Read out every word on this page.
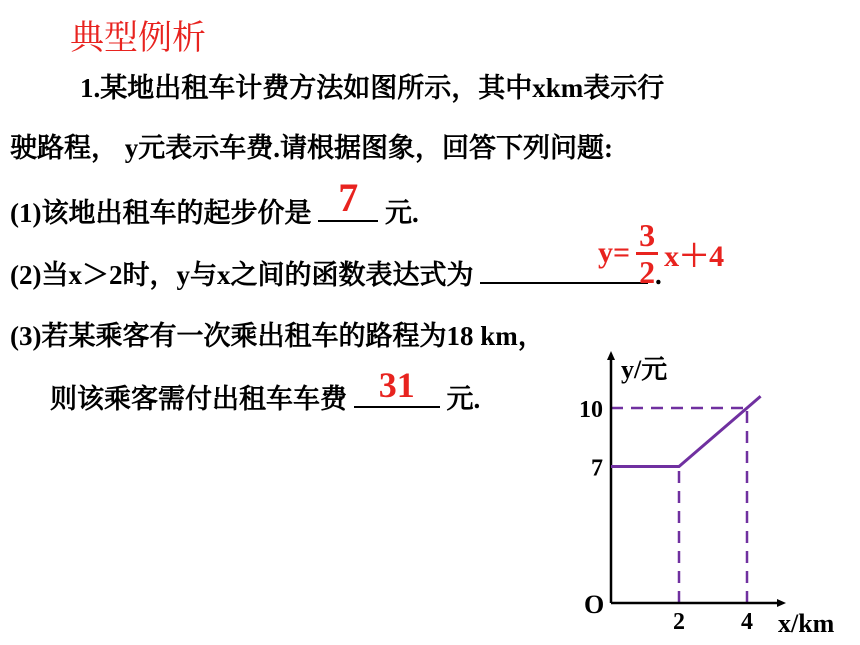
典型例析
1.某地出租车计费方法如图所示，其中xkm表示行
驶路程， y元表示车费.请根据图象，回答下列问题:
(1)该地出租车的起步价是 7 元.
(2)当x＞2时，y与x之间的函数表达式为	.
$y= \frac{3}{2} x+4$
(3)若某乘客有一次乘出租车的路程为18 km，
则该乘客需付出租车车费 31	元.
y/元
x/km
O
2 4
7
10
